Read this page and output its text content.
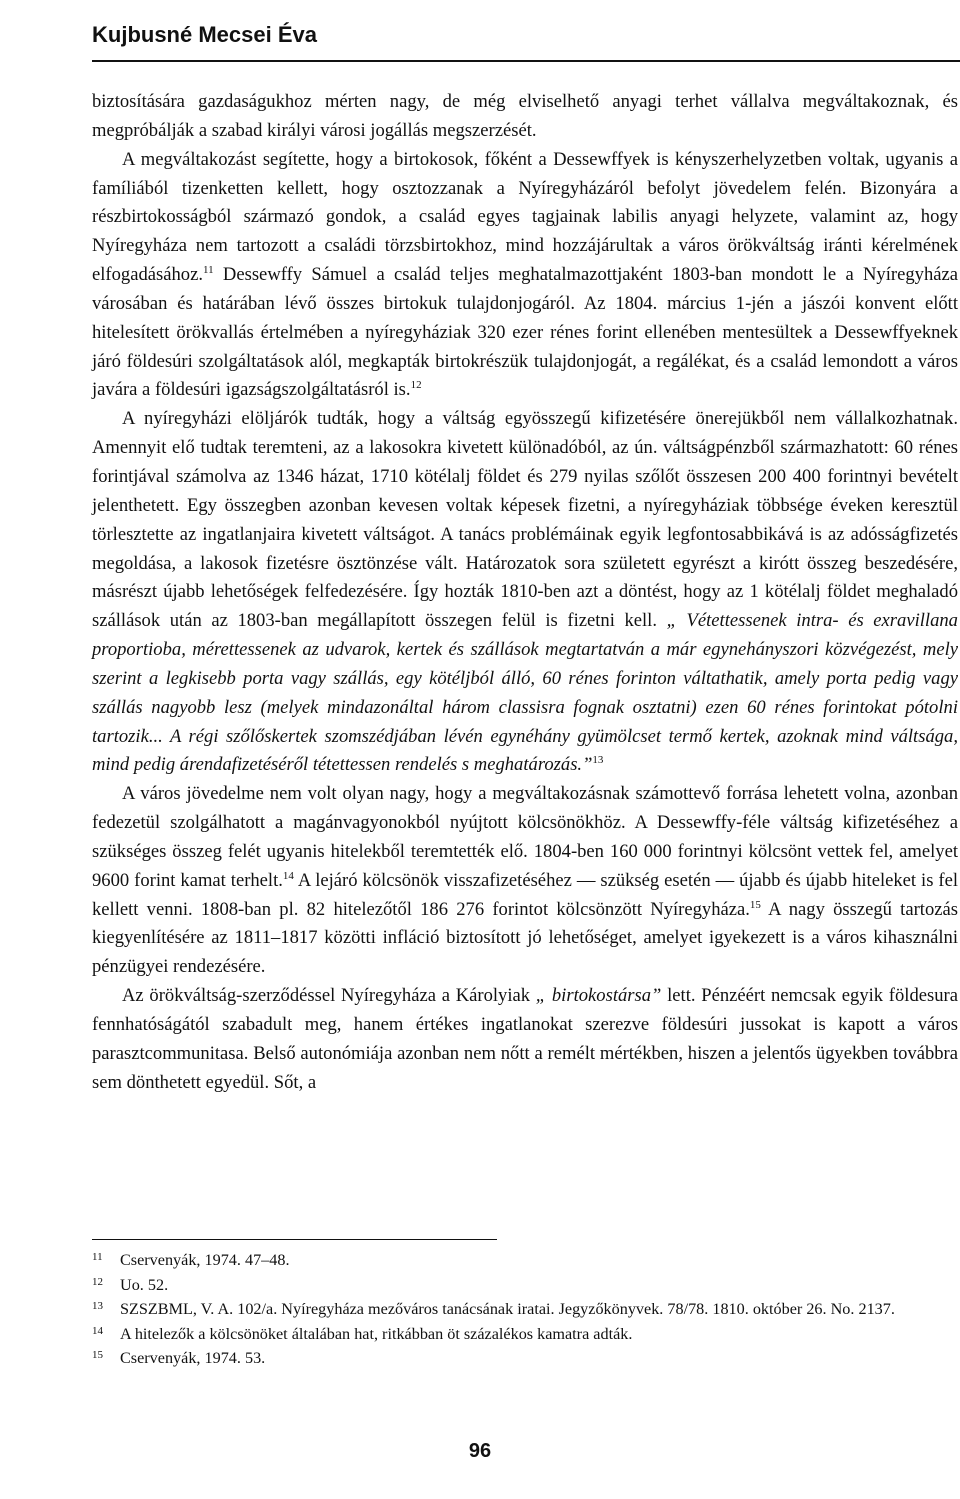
Kujbusné Mecsei Éva

biztosítására gazdaságukhoz mérten nagy, de még elviselhető anyagi terhet vállalva megváltakoznak, és megpróbálják a szabad királyi városi jogállás megszerzését.

A megváltakozást segítette, hogy a birtokosok, főként a Dessewffyek is kényszerhelyzetben voltak, ugyanis a famíliából tizenketten kellett, hogy osztozzanak a Nyíregyházáról befolyt jövedelem felén. Bizonyára a részbirtokosságból származó gondok, a család egyes tagjainak labilis anyagi helyzete, valamint az, hogy Nyíregyháza nem tartozott a családi törzsbirtokhoz, mind hozzájárultak a város örökváltság iránti kérelmének elfogadásához.$^{11}$ Dessewffy Sámuel a család teljes meghatalmazottjaként 1803-ban mondott le a Nyíregyháza városában és határában lévő összes birtokuk tulajdonjogáról. Az 1804. március 1-jén a jászói konvent előtt hitelesített örökvallás értelmében a nyíregyháziak 320 ezer rénes forint ellenében mentesültek a Dessewffyeknek járó földesúri szolgáltatások alól, megkapták birtokrészük tulajdonjogát, a regálékat, és a család lemondott a város javára a földesúri igazságszolgáltatásról is.$^{12}$

A nyíregyházi elöljárók tudták, hogy a váltság egyösszegű kifizetésére önerejükből nem vállalkozhatnak. Amennyit elő tudtak teremteni, az a lakosokra kivetett különadóból, az ún. váltságpénzből származhatott: 60 rénes forintjával számolva az 1346 házat, 1710 kötélalj földet és 279 nyilas szőlőt összesen 200 400 forintnyi bevételt jelenthetett. Egy összegben azonban kevesen voltak képesek fizetni, a nyíregyháziak többsége éveken keresztül törlesztette az ingatlanjaira kivetett váltságot. A tanács problémáinak egyik legfontosabbikává is az adósságfizetés megoldása, a lakosok fizetésre ösztönzése vált. Határozatok sora született egyrészt a kirótt összeg beszedésére, másrészt újabb lehetőségek felfedezésére. Így hozták 1810-ben azt a döntést, hogy az 1 kötélalj földet meghaladó szállások után az 1803-ban megállapított összegen felül is fizetni kell. „ Vétettessenek intra- és exravillana proportioba, mérettessenek az udvarok, kertek és szállások megtartatván a már egynehányszori közvégezést, mely szerint a legkisebb porta vagy szállás, egy kötéljból álló, 60 rénes forinton váltathatik, amely porta pedig vagy szállás nagyobb lesz (melyek mindazonáltal három classisra fognak osztatni) ezen 60 rénes forintokat pótolni tartozik... A régi szőlőskertek szomszédjában lévén egynéhány gyümölcset termő kertek, azoknak mind váltsága, mind pedig árendafizetéséről tétettessen rendelés s meghatározás.”$^{13}$

A város jövedelme nem volt olyan nagy, hogy a megváltakozásnak számottevő forrása lehetett volna, azonban fedezetül szolgálhatott a magánvagyonokból nyújtott kölcsönökhöz. A Dessewffy-féle váltság kifizetéséhez a szükséges összeg felét ugyanis hitelekből teremtették elő. 1804-ben 160 000 forintnyi kölcsönt vettek fel, amelyet 9600 forint kamat terhelt.$^{14}$ A lejáró kölcsönök visszafizetéséhez — szükség esetén — újabb és újabb hiteleket is fel kellett venni. 1808-ban pl. 82 hitelezőtől 186 276 forintot kölcsönzött Nyíregyháza.$^{15}$ A nagy összegű tartozás kiegyenlítésére az 1811–1817 közötti infláció biztosított jó lehetőséget, amelyet igyekezett is a város kihasználni pénzügyei rendezésére.

Az örökváltság-szerződéssel Nyíregyháza a Károlyiak „ birtokostársa” lett. Pénzéért nemcsak egyik földesura fennhatóságától szabadult meg, hanem értékes ingatlanokat szerezve földesúri jussokat is kapott a város parasztcommunitasa. Belső autonómiája azonban nem nőtt a remélt mértékben, hiszen a jelentős ügyekben továbbra sem dönthetett egyedül. Sőt, a

11 Cservenyák, 1974. 47–48.
12 Uo. 52.
13 SZSZBML, V. A. 102/a. Nyíregyháza mezőváros tanácsának iratai. Jegyzőkönyvek. 78/78. 1810. október 26. No. 2137.
14 A hitelezők a kölcsönöket általában hat, ritkábban öt százalékos kamatra adták.
15 Cservenyák, 1974. 53.
96
